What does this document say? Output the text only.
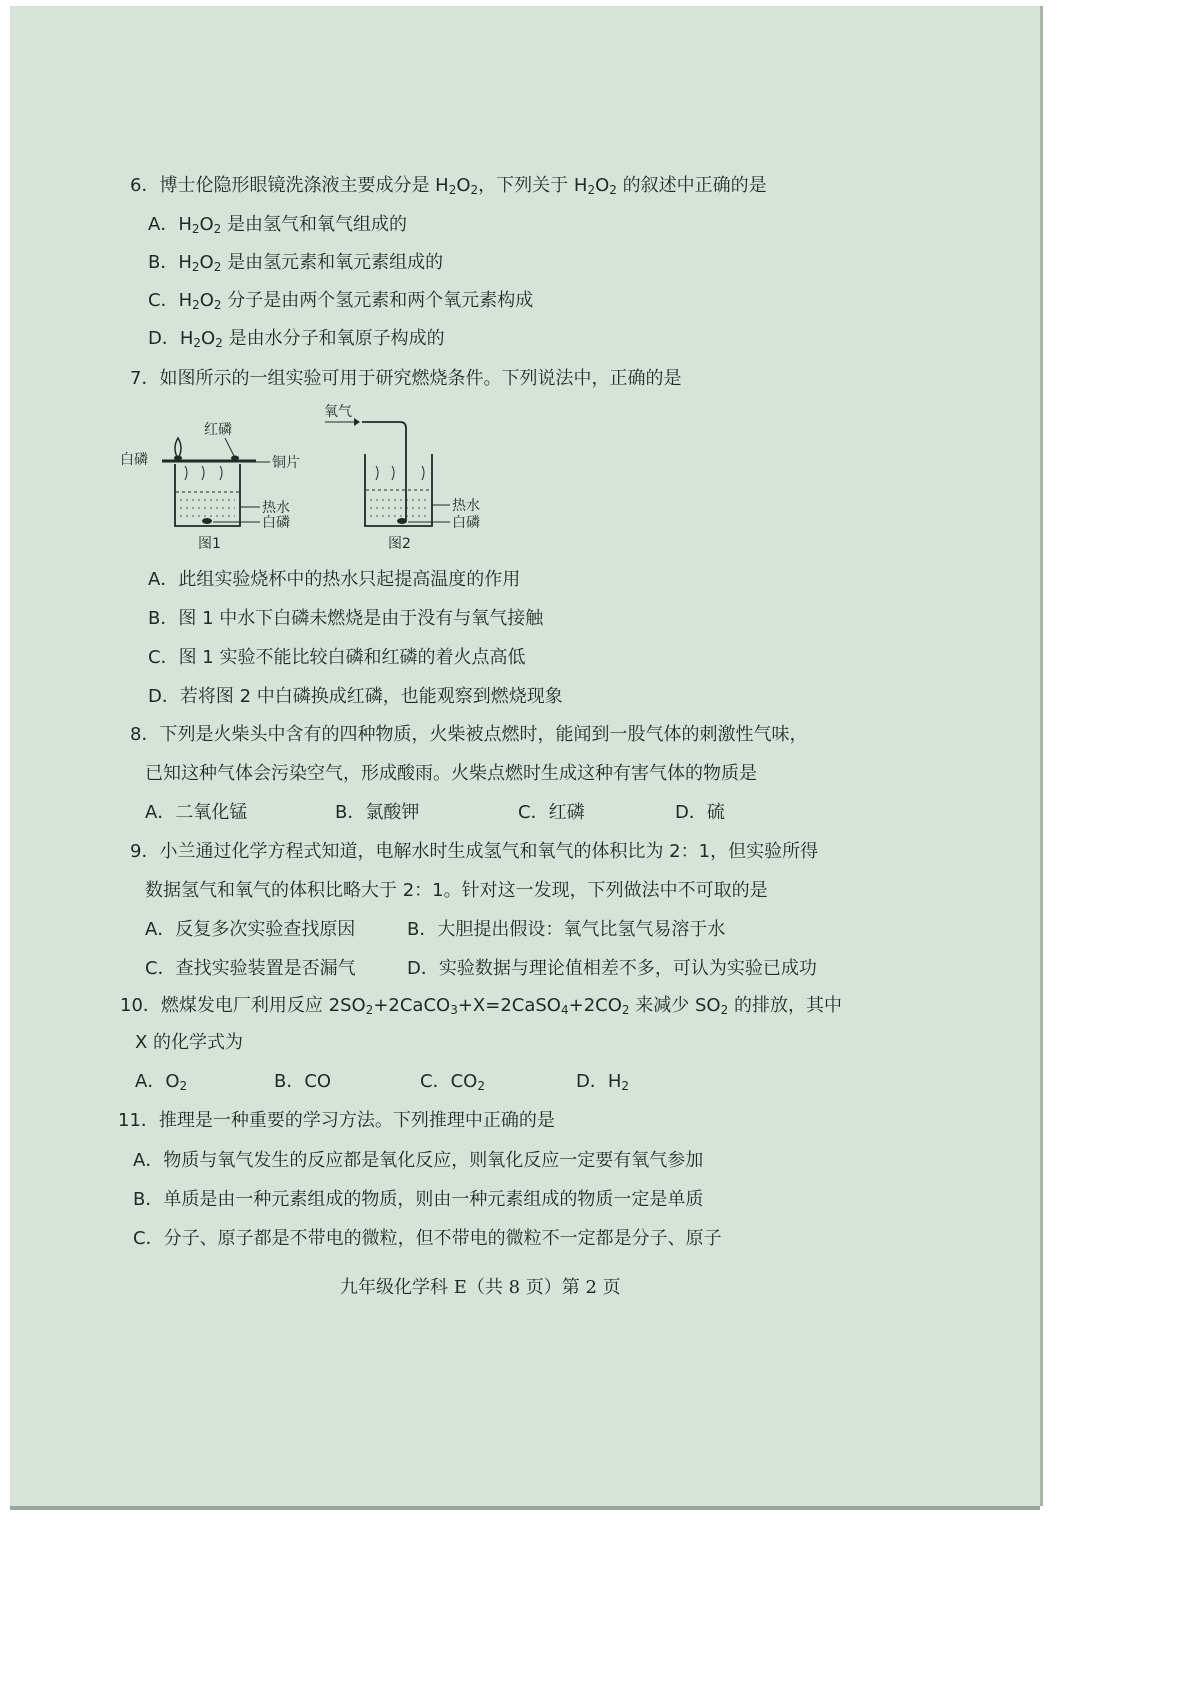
6．博士伦隐形眼镜洗涤液主要成分是 $H_2O_2$，下列关于 $H_2O_2$ 的叙述中正确的是
A．$H_2O_2$ 是由氢气和氧气组成的
B．$H_2O_2$ 是由氢元素和氧元素组成的
C．$H_2O_2$ 分子是由两个氢元素和两个氧元素构成
D．$H_2O_2$ 是由水分子和氧原子构成的
7．如图所示的一组实验可用于研究燃烧条件。下列说法中，正确的是
白磷
红磷
铜片
热水
白磷
图1
氧气
热水
白磷
图2
A．此组实验烧杯中的热水只起提高温度的作用
B．图 1 中水下白磷未燃烧是由于没有与氧气接触
C．图 1 实验不能比较白磷和红磷的着火点高低
D．若将图 2 中白磷换成红磷，也能观察到燃烧现象
8．下列是火柴头中含有的四种物质，火柴被点燃时，能闻到一股气体的刺激性气味，
已知这种气体会污染空气，形成酸雨。火柴点燃时生成这种有害气体的物质是
A．二氧化锰	B．氯酸钾	C．红磷	D．硫
9．小兰通过化学方程式知道，电解水时生成氢气和氧气的体积比为 2：1，但实验所得
数据氢气和氧气的体积比略大于 2：1。针对这一发现，下列做法中不可取的是
A．反复多次实验查找原因	B．大胆提出假设：氧气比氢气易溶于水
C．查找实验装置是否漏气	D．实验数据与理论值相差不多，可认为实验已成功
10．燃煤发电厂利用反应 $2SO_2+2CaCO_3+X=2CaSO_4+2CO_2$ 来减少 $SO_2$ 的排放，其中
X 的化学式为
A．$O_2$	B．CO	C．$CO_2$	D．$H_2$
11．推理是一种重要的学习方法。下列推理中正确的是
A．物质与氧气发生的反应都是氧化反应，则氧化反应一定要有氧气参加
B．单质是由一种元素组成的物质，则由一种元素组成的物质一定是单质
C．分子、原子都是不带电的微粒，但不带电的微粒不一定都是分子、原子
九年级化学科 E（共 8 页）第 2 页
